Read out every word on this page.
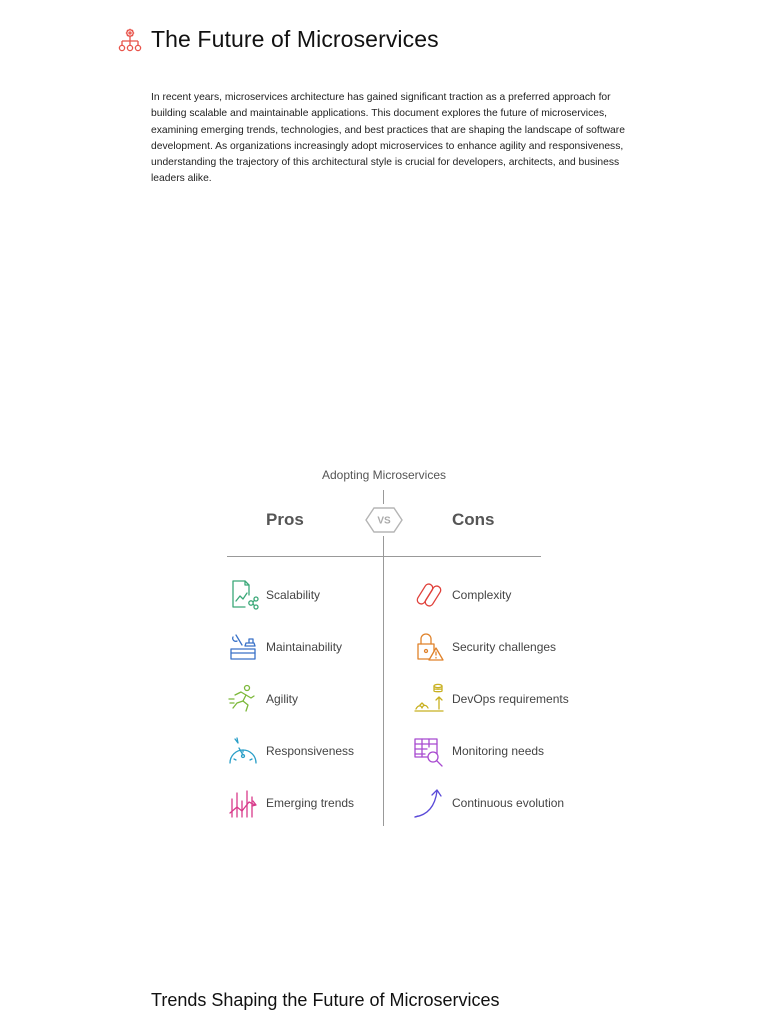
The Future of Microservices

In recent years, microservices architecture has gained significant traction as a preferred approach for building scalable and maintainable applications. This document explores the future of microservices, examining emerging trends, technologies, and best practices that are shaping the landscape of software development. As organizations increasingly adopt microservices to enhance agility and responsiveness, understanding the trajectory of this architectural style is crucial for developers, architects, and business leaders alike.

Adopting Microservices
Pros	Cons
VS
Scalability
Maintainability
Agility
Responsiveness
Emerging trends
Complexity
Security challenges
DevOps requirements
Monitoring needs
Continuous evolution
Trends Shaping the Future of Microservices
